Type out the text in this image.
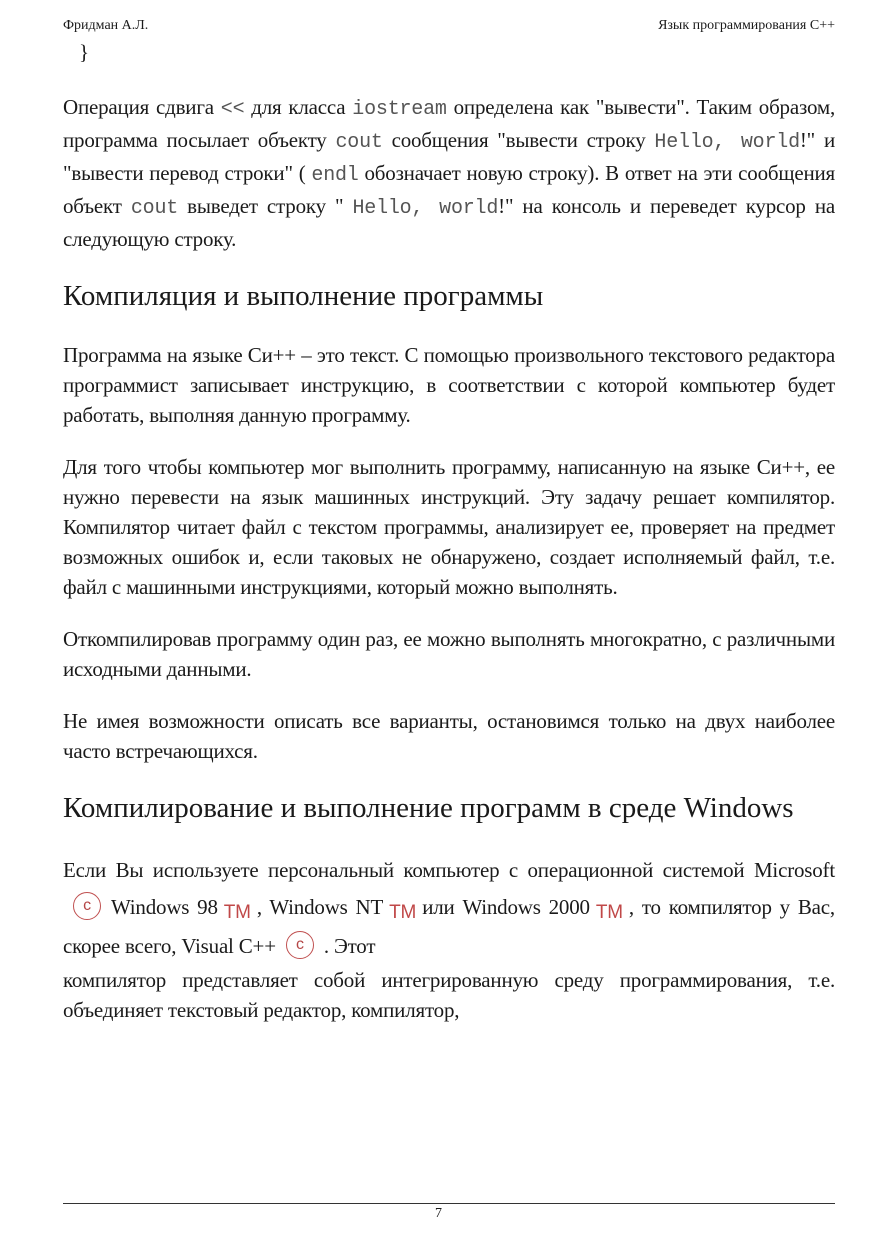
Фридман А.Л.	Язык программирования C++
}

Операция сдвига << для класса iostream определена как "вывести". Таким образом, программа посылает объекту cout сообщения "вывести строку Hello, world!" и "вывести перевод строки" ( endl обозначает новую строку). В ответ на эти сообщения объект cout выведет строку " Hello, world!" на консоль и переведет курсор на следующую строку.

Компиляция и выполнение программы

Программа на языке Си++ – это текст. С помощью произвольного текстового редактора программист записывает инструкцию, в соответствии с которой компьютер будет работать, выполняя данную программу.

Для того чтобы компьютер мог выполнить программу, написанную на языке Си++, ее нужно перевести на язык машинных инструкций. Эту задачу решает компилятор. Компилятор читает файл с текстом программы, анализирует ее, проверяет на предмет возможных ошибок и, если таковых не обнаружено, создает исполняемый файл, т.е. файл с машинными инструкциями, который можно выполнять.

Откомпилировав программу один раз, ее можно выполнять многократно, с различными исходными данными.

Не имея возможности описать все варианты, остановимся только на двух наиболее часто встречающихся.

Компилирование и выполнение программ в среде Windows

Если Вы используете персональный компьютер с операционной системой Microsoftc Windows 98 TM , Windows NT TM или Windows 2000 TM , то компилятор у Вас, скорее всего, Visual C++ c . Этот

компилятор представляет собой интегрированную среду программирования, т.е. объединяет текстовый редактор, компилятор,

7
